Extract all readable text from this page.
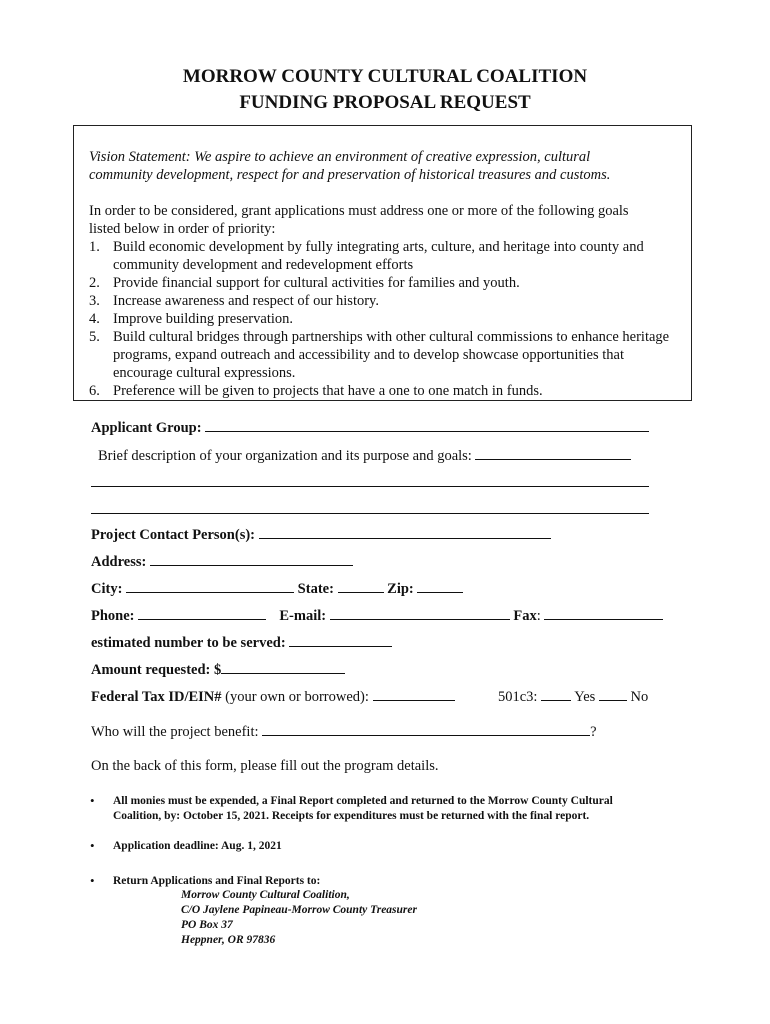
MORROW COUNTY CULTURAL COALITION
FUNDING PROPOSAL REQUEST
Vision Statement: We aspire to achieve an environment of creative expression, cultural
community development, respect for and preservation of historical treasures and customs.
In order to be considered, grant applications must address one or more of the following goals
listed below in order of priority:
1. Build economic development by fully integrating arts, culture, and heritage into county and community development and redevelopment efforts
2. Provide financial support for cultural activities for families and youth.
3. Increase awareness and respect of our history.
4. Improve building preservation.
5. Build cultural bridges through partnerships with other cultural commissions to enhance heritage programs, expand outreach and accessibility and to develop showcase opportunities that encourage cultural expressions.
6. Preference will be given to projects that have a one to one match in funds.
Applicant Group:
Brief description of your organization and its purpose and goals:
Project Contact Person(s):
Address:
City:	State:	Zip:
Phone:	E-mail:	Fax:
estimated number to be served:
Amount requested: $
Federal Tax ID/EIN# (your own or borrowed):	501c3:	Yes No
Who will the project benefit:	?
On the back of this form, please fill out the program details.
• All monies must be expended, a Final Report completed and returned to the Morrow County Cultural
Coalition, by: October 15, 2021. Receipts for expenditures must be returned with the final report.
• Application deadline: Aug. 1, 2021
• Return Applications and Final Reports to:
Morrow County Cultural Coalition,
C/O Jaylene Papineau-Morrow County Treasurer
PO Box 37
Heppner, OR 97836
